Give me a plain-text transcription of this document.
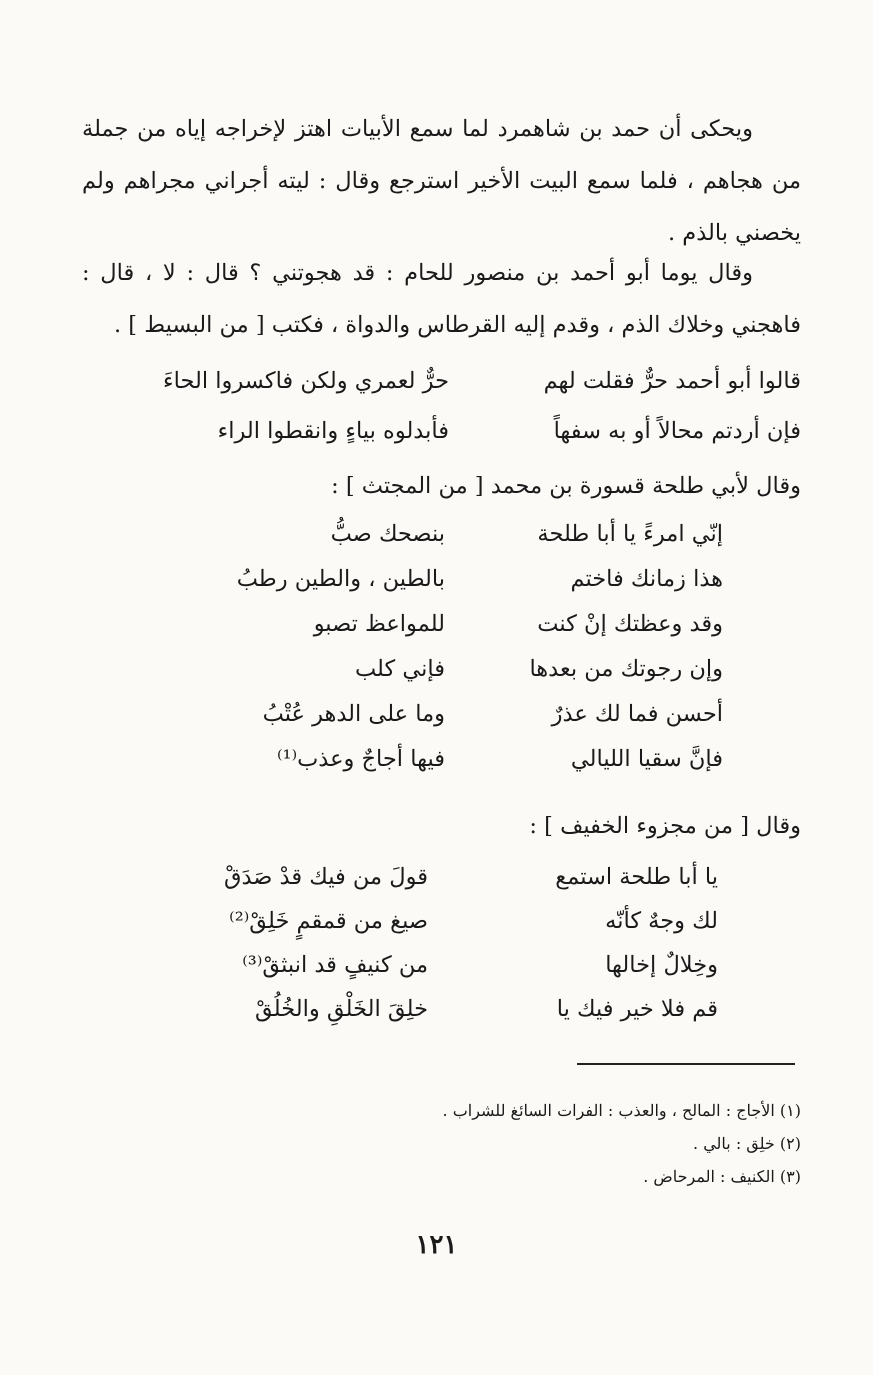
ويحكى أن حمد بن شاهمرد لما سمع الأبيات اهتز لإخراجه إياه من جملة من هجاهم ، فلما سمع البيت الأخير استرجع وقال : ليته أجراني مجراهم ولم يخصني بالذم .

وقال يوما أبو أحمد بن منصور للحام : قد هجوتني ؟ قال : لا ، قال : فاهجني وخلاك الذم ، وقدم إليه القرطاس والدواة ، فكتب [ من البسيط ] .

قالوا أبو أحمد حرٌّ فقلت لهم
حرٌّ لعمري ولكن فاكسروا الحاءَ
فإن أردتم محالاً أو به سفهاً
فأبدلوه بياءٍ وانقطوا الراء

وقال لأبي طلحة قسورة بن محمد [ من المجتث ] :

إنّي امرءً يا أبا طلحة
بنصحك صبُّ
هذا زمانك فاختم
بالطين ، والطين رطبُ
وقد وعظتك إنْ كنت
للمواعظ تصبو
وإن رجوتك من بعدها
فإني كلب
أحسن فما لك عذرٌ
وما على الدهر عُتْبُ
فإنَّ سقيا الليالي
فيها أجاجٌ وعذب⁽¹⁾

وقال [ من مجزوء الخفيف ] :

يا أبا طلحة استمع
قولَ من فيك قدْ صَدَقْ
لك وجهٌ كأنّه
صيغ من قمقمٍ خَلِقْ⁽²⁾
وخِلالٌ إخالها
من كنيفٍ قد انبثقْ⁽³⁾
قم فلا خير فيك يا
خلِقَ الخَلْقِ والخُلُقْ
(١) الأجاج : المالح ، والعذب : الفرات السائغ للشراب .
(٢) خلِق : بالي .
(٣) الكنيف : المرحاض .
١٢١
